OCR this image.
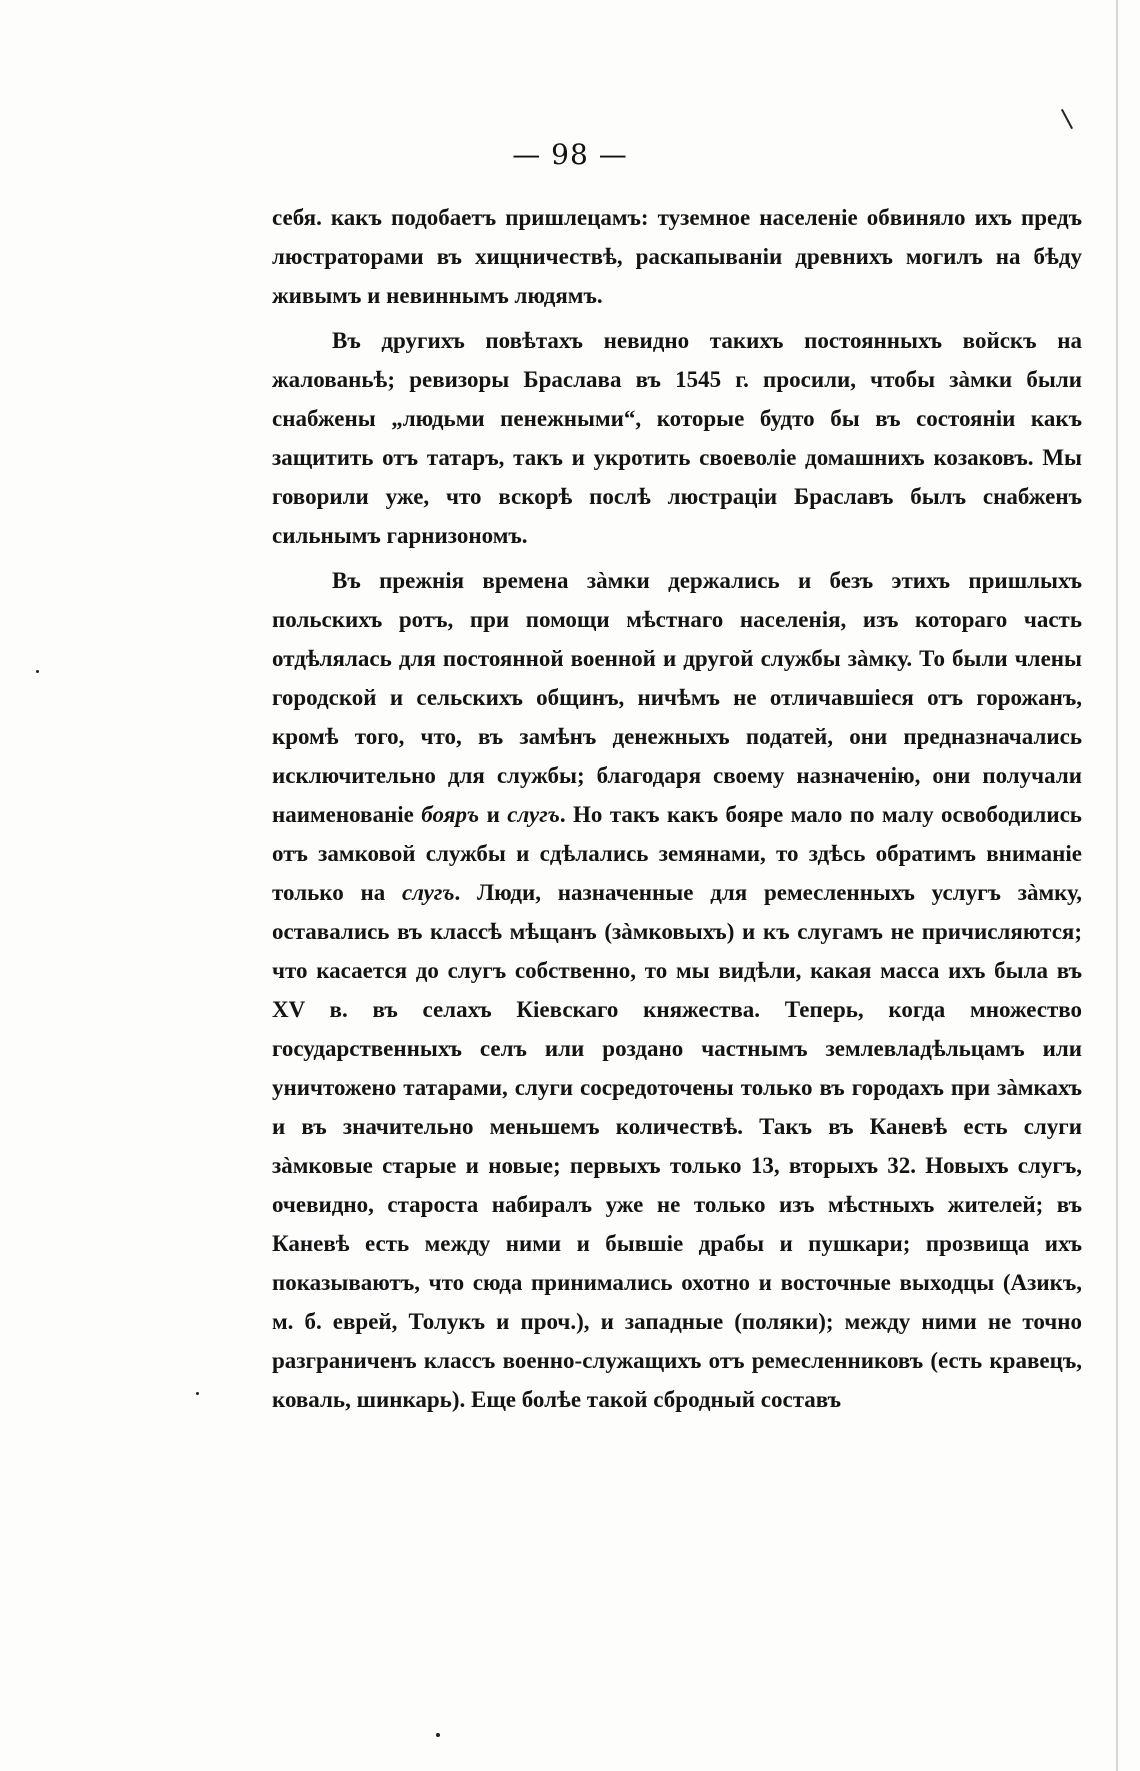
— 98 —

себя. какъ подобаетъ пришлецамъ: туземное населеніе обвиняло ихъ предъ люстраторами въ хищничествѣ, раскапываніи древнихъ могилъ на бѣду живымъ и невиннымъ людямъ.

Въ другихъ повѣтахъ невидно такихъ постоянныхъ войскъ на жалованьѣ; ревизоры Браслава въ 1545 г. просили, чтобы зàмки были снабжены „людьми пенежными“, которые будто бы въ состояніи какъ защитить отъ татаръ, такъ и укротить своеволіе домашнихъ козаковъ. Мы говорили уже, что вскорѣ послѣ люстраціи Браславъ былъ снабженъ сильнымъ гарнизономъ.

Въ прежнія времена зàмки держались и безъ этихъ пришлыхъ польскихъ ротъ, при помощи мѣстнаго населенія, изъ котораго часть отдѣлялась для постоянной военной и другой службы зàмку. То были члены городской и сельскихъ общинъ, ничѣмъ не отличавшіеся отъ горожанъ, кромѣ того, что, въ замѣнъ денежныхъ податей, они предназначались исключительно для службы; благодаря своему назначенію, они получали наименованіе бояръ и слугъ. Но такъ какъ бояре мало по малу освободились отъ замковой службы и сдѣлались земянами, то здѣсь обратимъ вниманіе только на слугъ. Люди, назначенные для ремесленныхъ услугъ зàмку, оставались въ классѣ мѣщанъ (зàмковыхъ) и къ слугамъ не причисляются; что касается до слугъ собственно, то мы видѣли, какая масса ихъ была въ XV в. въ селахъ Кіевскаго княжества. Теперь, когда множество государственныхъ селъ или роздано частнымъ землевладѣльцамъ или уничтожено татарами, слуги сосредоточены только въ городахъ при зàмкахъ и въ значительно меньшемъ количествѣ. Такъ въ Каневѣ есть слуги зàмковые старые и новые; первыхъ только 13, вторыхъ 32. Новыхъ слугъ, очевидно, староста набиралъ уже не только изъ мѣстныхъ жителей; въ Каневѣ есть между ними и бывшіе драбы и пушкари; прозвища ихъ показываютъ, что сюда принимались охотно и восточные выходцы (Азикъ, м. б. еврей, Толукъ и проч.), и западные (поляки); между ними не точно разграниченъ классъ военно-служащихъ отъ ремесленниковъ (есть кравецъ, коваль, шинкарь). Еще болѣе такой сбродный составъ
